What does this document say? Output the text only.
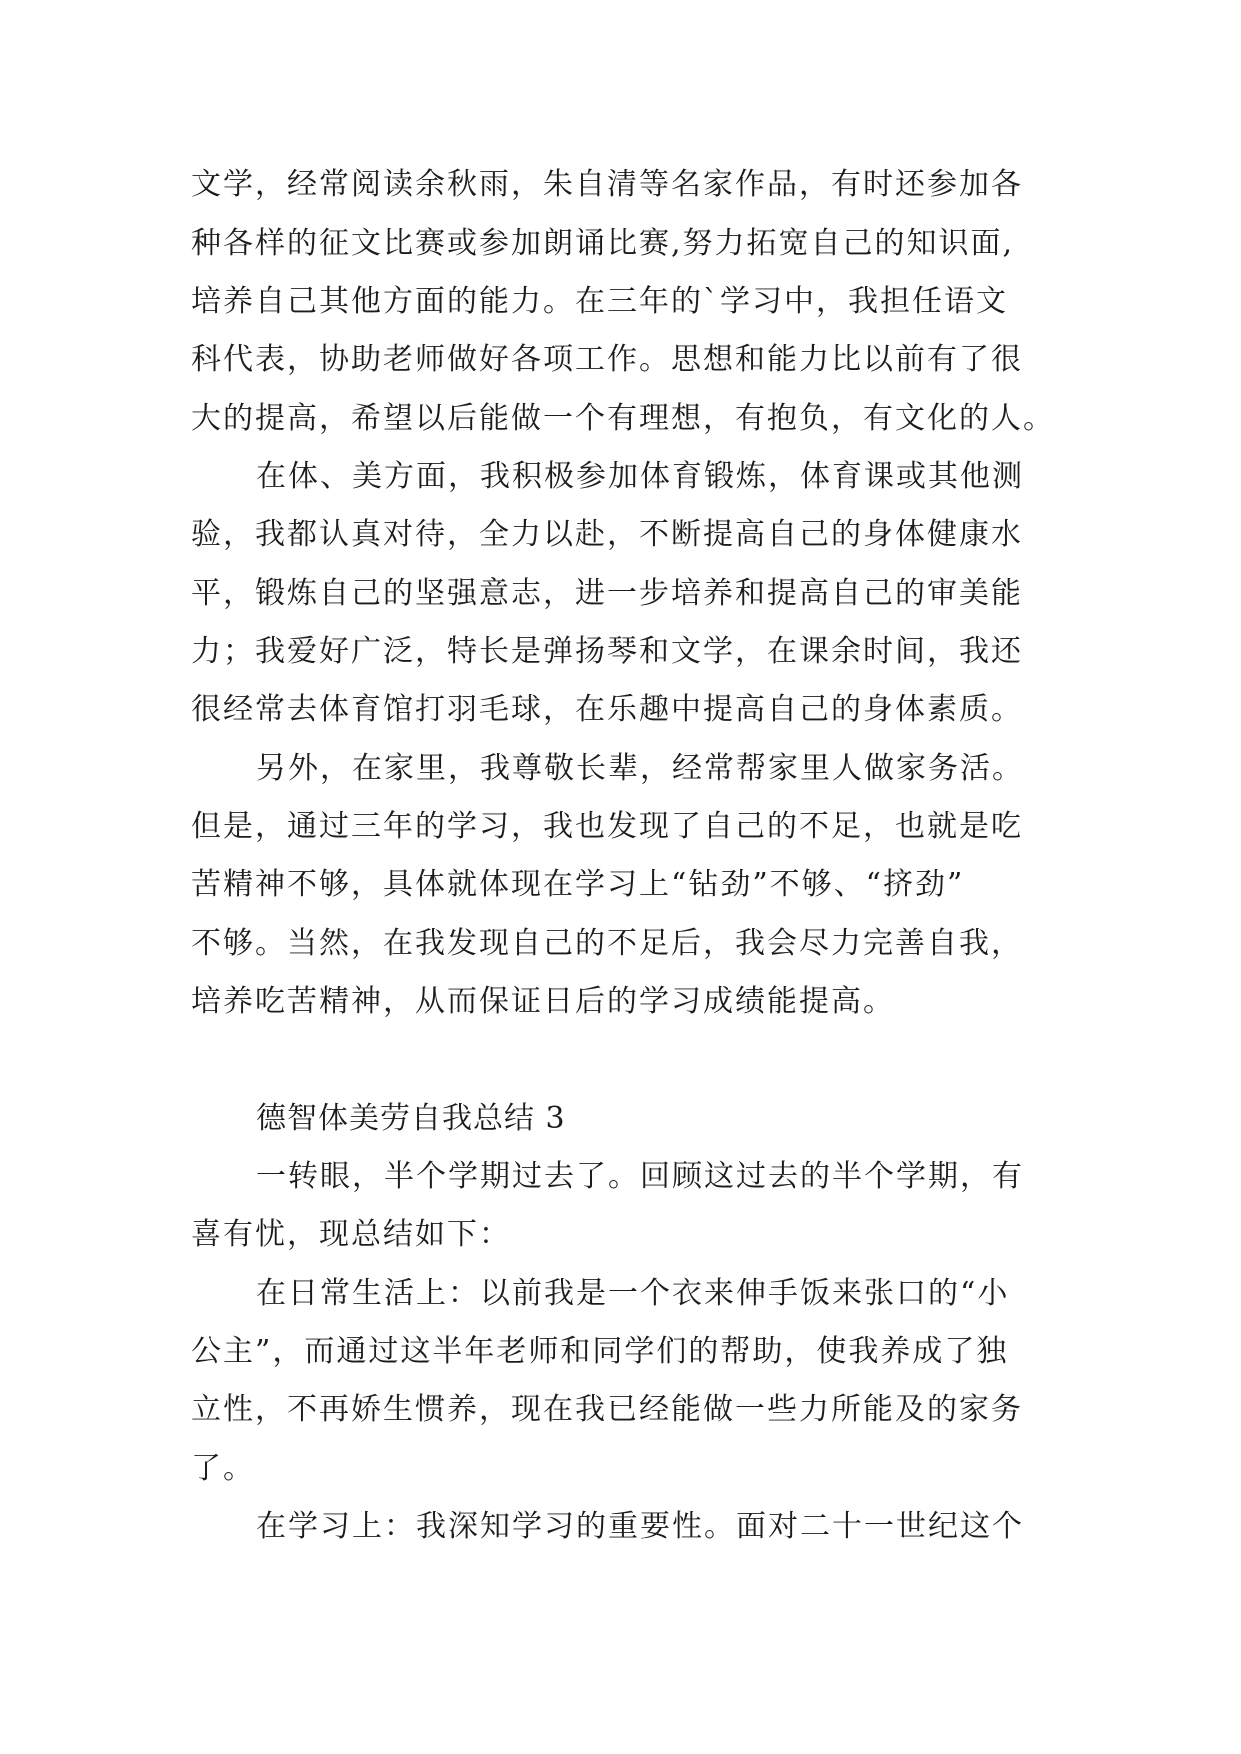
文学，经常阅读余秋雨，朱自清等名家作品，有时还参加各

种各样的征文比赛或参加朗诵比赛,努力拓宽自己的知识面,

培养自己其他方面的能力。在三年的`学习中，我担任语文

科代表，协助老师做好各项工作。思想和能力比以前有了很

大的提高，希望以后能做一个有理想，有抱负，有文化的人。

在体、美方面，我积极参加体育锻炼，体育课或其他测

验，我都认真对待，全力以赴，不断提高自己的身体健康水

平，锻炼自己的坚强意志，进一步培养和提高自己的审美能

力；我爱好广泛，特长是弹扬琴和文学，在课余时间，我还

很经常去体育馆打羽毛球，在乐趣中提高自己的身体素质。

另外，在家里，我尊敬长辈，经常帮家里人做家务活。

但是，通过三年的学习，我也发现了自己的不足，也就是吃

苦精神不够，具体就体现在学习上“钻劲”不够、“挤劲”

不够。当然，在我发现自己的不足后，我会尽力完善自我，

培养吃苦精神，从而保证日后的学习成绩能提高。

德智体美劳自我总结 3

一转眼，半个学期过去了。回顾这过去的半个学期，有

喜有忧，现总结如下：

在日常生活上：以前我是一个衣来伸手饭来张口的“小

公主”，而通过这半年老师和同学们的帮助，使我养成了独

立性，不再娇生惯养，现在我已经能做一些力所能及的家务

了。

在学习上：我深知学习的重要性。面对二十一世纪这个
